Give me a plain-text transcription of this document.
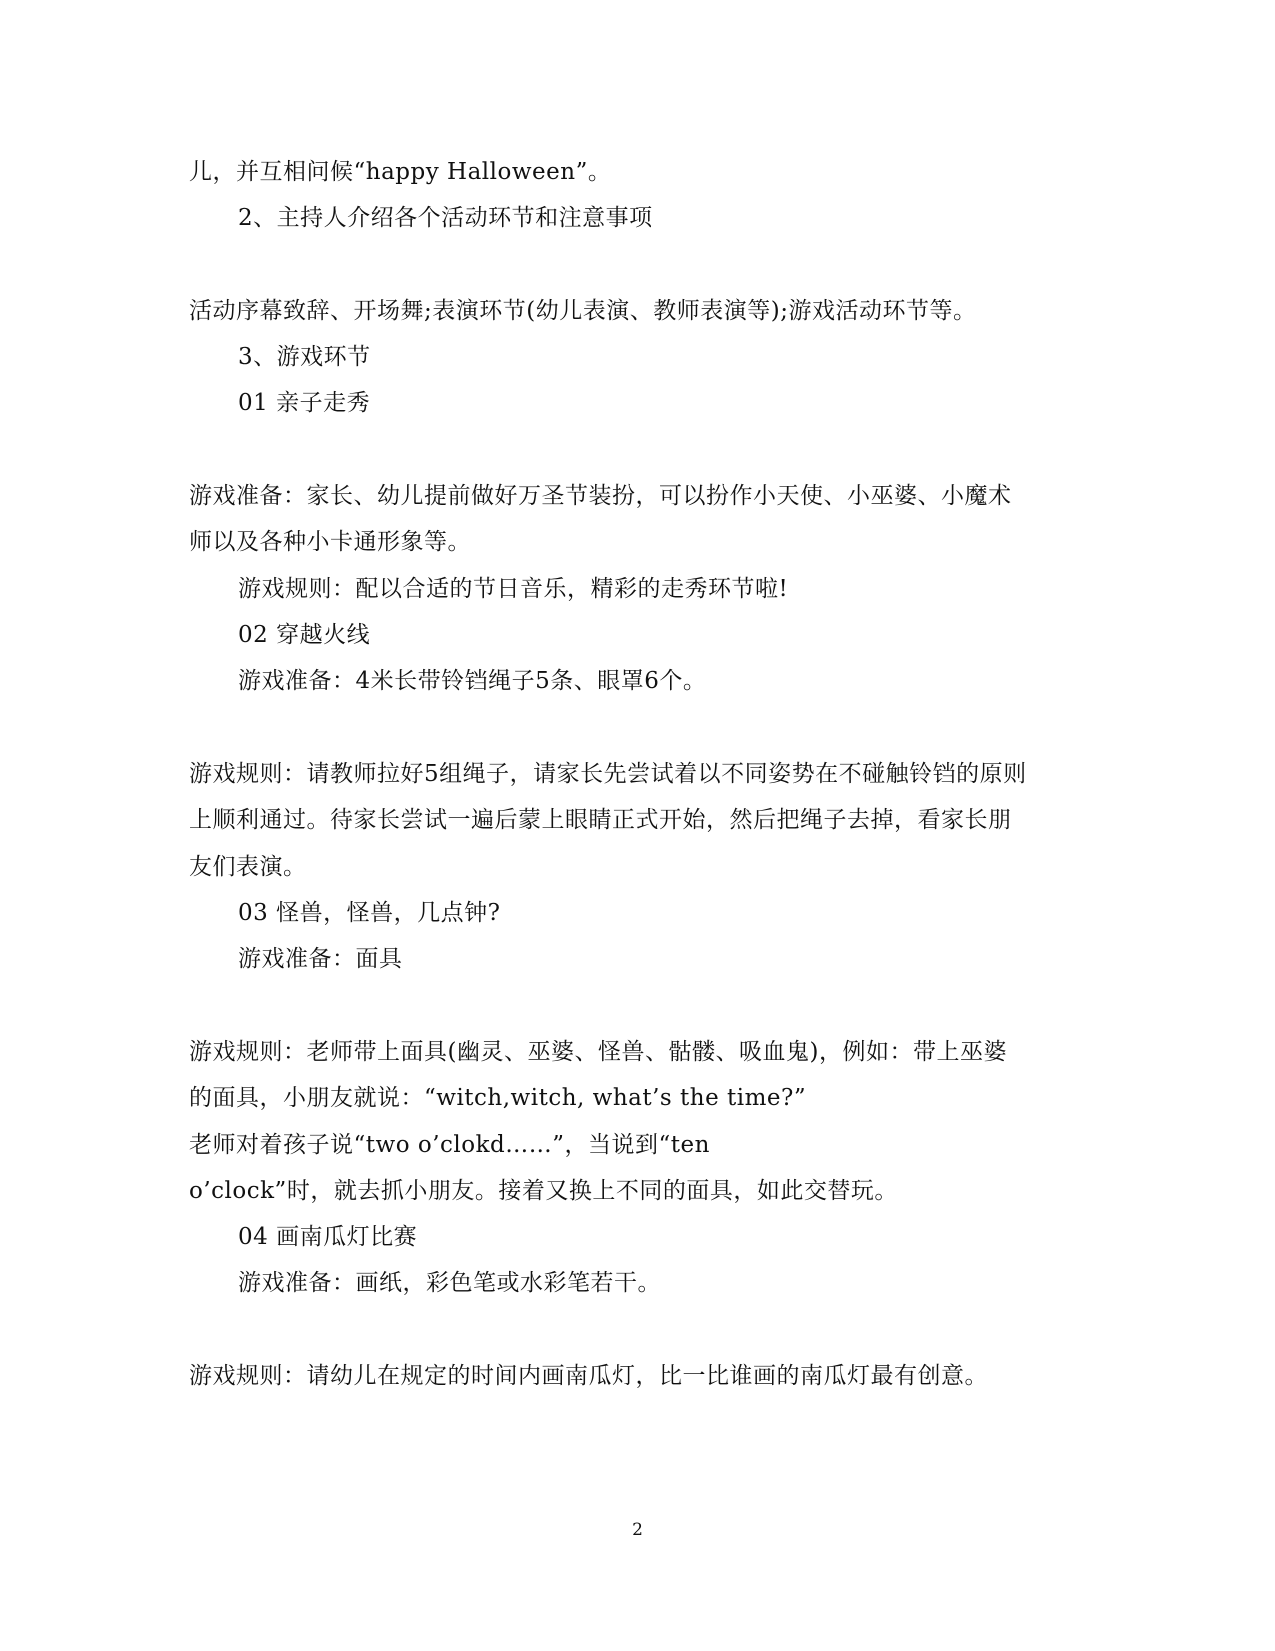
儿，并互相问候“happy Halloween”。
2、主持人介绍各个活动环节和注意事项
活动序幕致辞、开场舞;表演环节(幼儿表演、教师表演等);游戏活动环节等。
3、游戏环节
01 亲子走秀
游戏准备：家长、幼儿提前做好万圣节装扮，可以扮作小天使、小巫婆、小魔术
师以及各种小卡通形象等。
游戏规则：配以合适的节日音乐，精彩的走秀环节啦!
02 穿越火线
游戏准备：4米长带铃铛绳子5条、眼罩6个。
游戏规则：请教师拉好5组绳子，请家长先尝试着以不同姿势在不碰触铃铛的原则
上顺利通过。待家长尝试一遍后蒙上眼睛正式开始，然后把绳子去掉，看家长朋
友们表演。
03 怪兽，怪兽，几点钟?
游戏准备：面具
游戏规则：老师带上面具(幽灵、巫婆、怪兽、骷髅、吸血鬼)，例如：带上巫婆
的面具，小朋友就说：“witch,witch, what’s the time?”
老师对着孩子说“two o’clokd……”，当说到“ten
o’clock”时，就去抓小朋友。接着又换上不同的面具，如此交替玩。
04 画南瓜灯比赛
游戏准备：画纸，彩色笔或水彩笔若干。
游戏规则：请幼儿在规定的时间内画南瓜灯，比一比谁画的南瓜灯最有创意。
2
